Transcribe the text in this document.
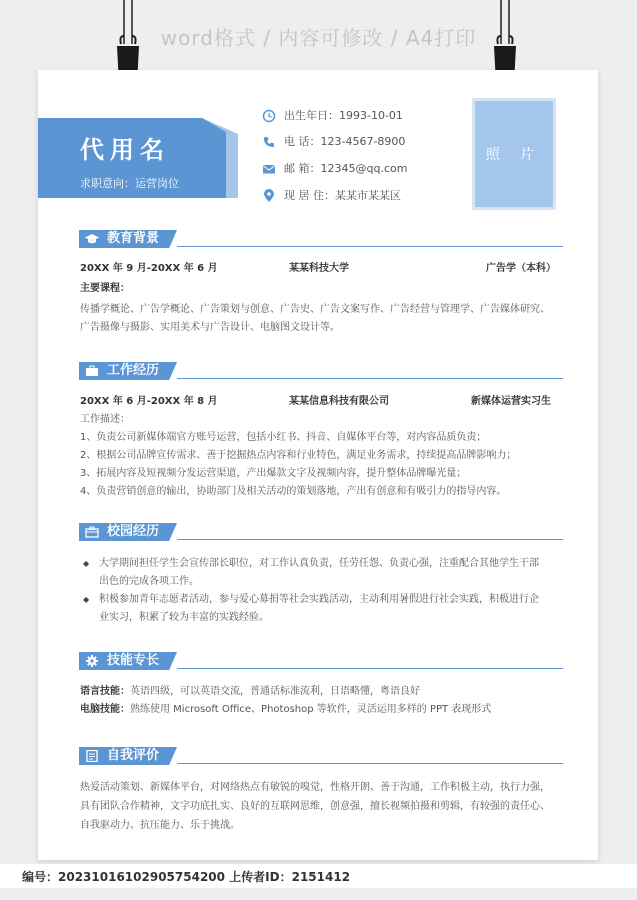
word格式 / 内容可修改 / A4打印
代用名
求职意向：运营岗位
出生年日：1993-10-01
电 话：123-4567-8900
邮 箱：12345@qq.com
现 居 住：某某市某某区
照 片
教育背景
20XX 年 9 月-20XX 年 6 月	某某科技大学	广告学（本科）
主要课程：
传播学概论、广告学概论、广告策划与创意、广告史、广告文案写作、广告经营与管理学、广告媒体研究、
广告摄像与摄影、实用美术与广告设计、电脑图文设计等。
工作经历
20XX 年 6 月-20XX 年 8 月	某某信息科技有限公司	新媒体运营实习生
工作描述：
1、负责公司新媒体端官方账号运营，包括小红书、抖音、自媒体平台等，对内容品质负责；
2、根据公司品牌宣传需求、善于挖掘热点内容和行业特色，满足业务需求，持续提高品牌影响力；
3、拓展内容及短视频分发运营渠道，产出爆款文字及视频内容，提升整体品牌曝光量；
4、负责营销创意的输出，协助部门及相关活动的策划落地，产出有创意和有吸引力的指导内容。
校园经历
◆ 大学期间担任学生会宣传部长职位，对工作认真负责，任劳任怨、负责心强，注重配合其他学生干部
出色的完成各项工作。
◆ 积极参加青年志愿者活动，参与爱心募捐等社会实践活动，主动利用暑假进行社会实践，积极进行企
业实习，积累了较为丰富的实践经验。
技能专长
语言技能：英语四级，可以英语交流，普通话标准流利，日语略懂，粤语良好
电脑技能：熟练使用 Microsoft Office、Photoshop 等软件，灵活运用多样的 PPT 表现形式
自我评价
热爱活动策划、新媒体平台，对网络热点有敏锐的嗅觉，性格开朗、善于沟通，工作积极主动，执行力强，
具有团队合作精神，文字功底扎实、良好的互联网思维，创意强，擅长视频拍摄和剪辑，有较强的责任心、
自我驱动力、抗压能力、乐于挑战。
编号：20231016102905754200 上传者ID：2151412
